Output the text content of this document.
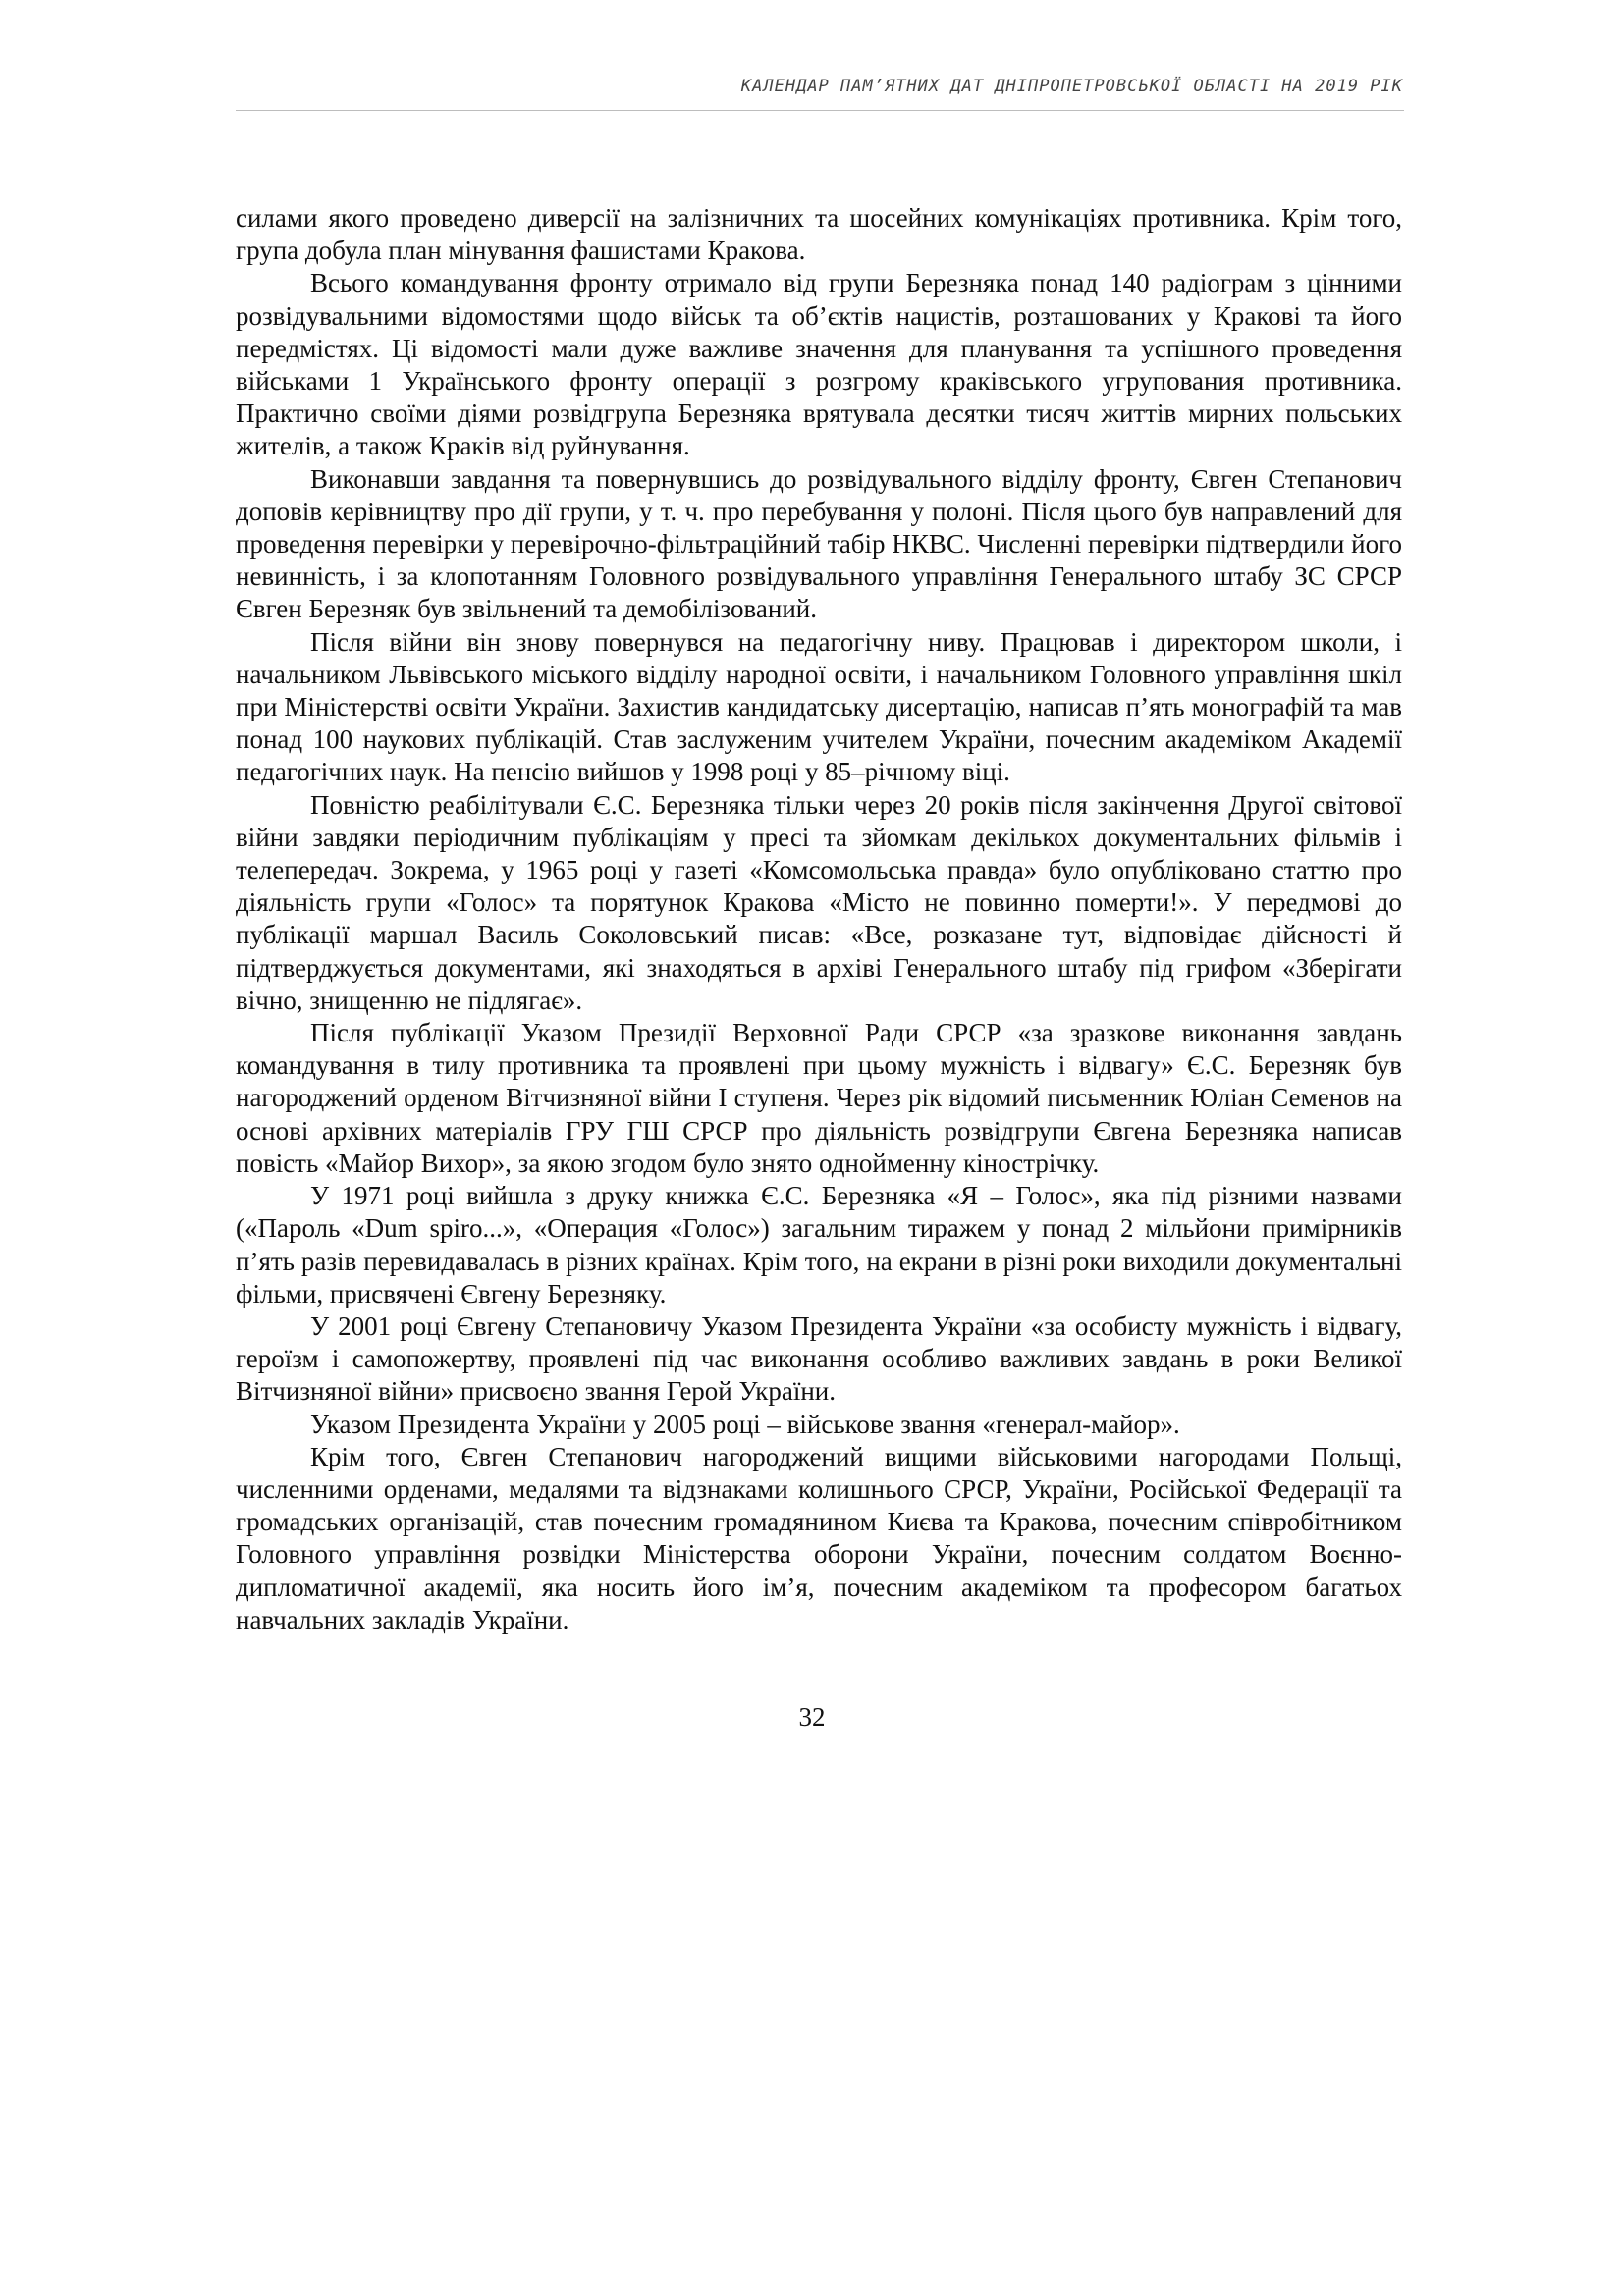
КАЛЕНДАР ПАМ’ЯТНИХ ДАТ ДНІПРОПЕТРОВСЬКОЇ ОБЛАСТІ НА 2019 РІК

силами якого проведено диверсії на залізничних та шосейних комунікаціях противника. Крім того, група добула план мінування фашистами Кракова.

Всього командування фронту отримало від групи Березняка понад 140 радіограм з цінними розвідувальними відомостями щодо військ та об’єктів нацистів, розташованих у Кракові та його передмістях. Ці відомості мали дуже важливе значення для планування та успішного проведення військами 1 Українського фронту операції з розгрому краківського угрупования противника. Практично своїми діями розвідгрупа Березняка врятувала десятки тисяч життів мирних польських жителів, а також Краків від руйнування.

Виконавши завдання та повернувшись до розвідувального відділу фронту, Євген Степанович доповів керівництву про дії групи, у т. ч. про перебування у полоні. Після цього був направлений для проведення перевірки у перевірочно-фільтраційний табір НКВС. Численні перевірки підтвердили його невинність, і за клопотанням Головного розвідувального управління Генерального штабу ЗС СРСР Євген Березняк був звільнений та демобілізований.

Після війни він знову повернувся на педагогічну ниву. Працював і директором школи, і начальником Львівського міського відділу народної освіти, і начальником Головного управління шкіл при Міністерстві освіти України. Захистив кандидатську дисертацію, написав п’ять монографій та мав понад 100 наукових публікацій. Став заслуженим учителем України, почесним академіком Академії педагогічних наук. На пенсію вийшов у 1998 році у 85–річному віці.

Повністю реабілітували Є.С. Березняка тільки через 20 років після закінчення Другої світової війни завдяки періодичним публікаціям у пресі та зйомкам декількох документальних фільмів і телепередач. Зокрема, у 1965 році у газеті «Комсомольська правда» було опубліковано статтю про діяльність групи «Голос» та порятунок Кракова «Місто не повинно померти!». У передмові до публікації маршал Василь Соколовський писав: «Все, розказане тут, відповідає дійсності й підтверджується документами, які знаходяться в архіві Генерального штабу під грифом «Зберігати вічно, знищенню не підлягає».

Після публікації Указом Президії Верховної Ради СРСР «за зразкове виконання завдань командування в тилу противника та проявлені при цьому мужність і відвагу» Є.С. Березняк був нагороджений орденом Вітчизняної війни I ступеня. Через рік відомий письменник Юліан Семенов на основі архівних матеріалів ГРУ ГШ СРСР про діяльність розвідгрупи Євгена Березняка написав повість «Майор Вихор», за якою згодом було знято однойменну кінострічку.

У 1971 році вийшла з друку книжка Є.С. Березняка «Я – Голос», яка під різними назвами («Пароль «Dum spiro...», «Операция «Голос») загальним тиражем у понад 2 мільйони примірників п’ять разів перевидавалась в різних країнах. Крім того, на екрани в різні роки виходили документальні фільми, присвячені Євгену Березняку.

У 2001 році Євгену Степановичу Указом Президента України «за особисту мужність і відвагу, героїзм і самопожертву, проявлені під час виконання особливо важливих завдань в роки Великої Вітчизняної війни» присвоєно звання Герой України.

Указом Президента України у 2005 році – військове звання «генерал-майор».

Крім того, Євген Степанович нагороджений вищими військовими нагородами Польщі, численними орденами, медалями та відзнаками колишнього СРСР, України, Російської Федерації та громадських організацій, став почесним громадянином Києва та Кракова, почесним співробітником Головного управління розвідки Міністерства оборони України, почесним солдатом Воєнно-дипломатичної академії, яка носить його ім’я, почесним академіком та професором багатьох навчальних закладів України.

32
